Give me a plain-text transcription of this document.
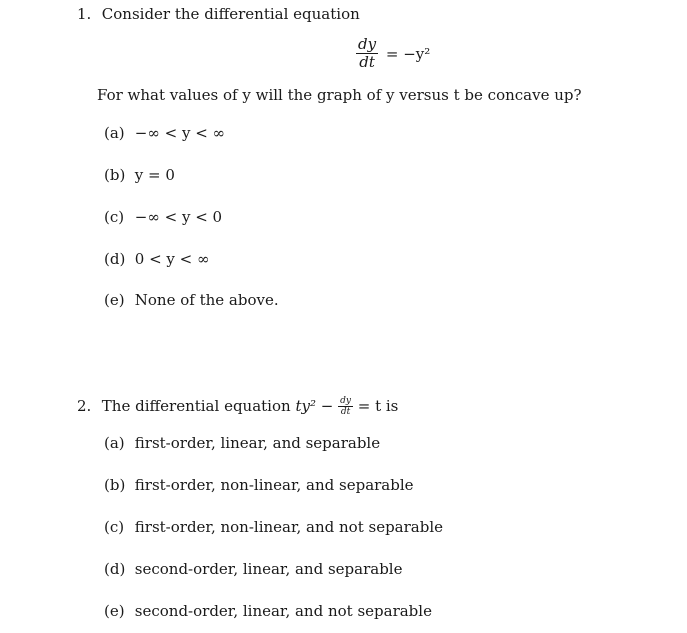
1. Consider the differential equation
$\frac{dy}{dt} = -y^2$
For what values of y will the graph of y versus t be concave up?
(a) −∞ < y < ∞
(b) y = 0
(c) −∞ < y < 0
(d) 0 < y < ∞
(e) None of the above.
2. The differential equation $ty^2 - \frac{dy}{dt} = t$ is
(a) first-order, linear, and separable
(b) first-order, non-linear, and separable
(c) first-order, non-linear, and not separable
(d) second-order, linear, and separable
(e) second-order, linear, and not separable
